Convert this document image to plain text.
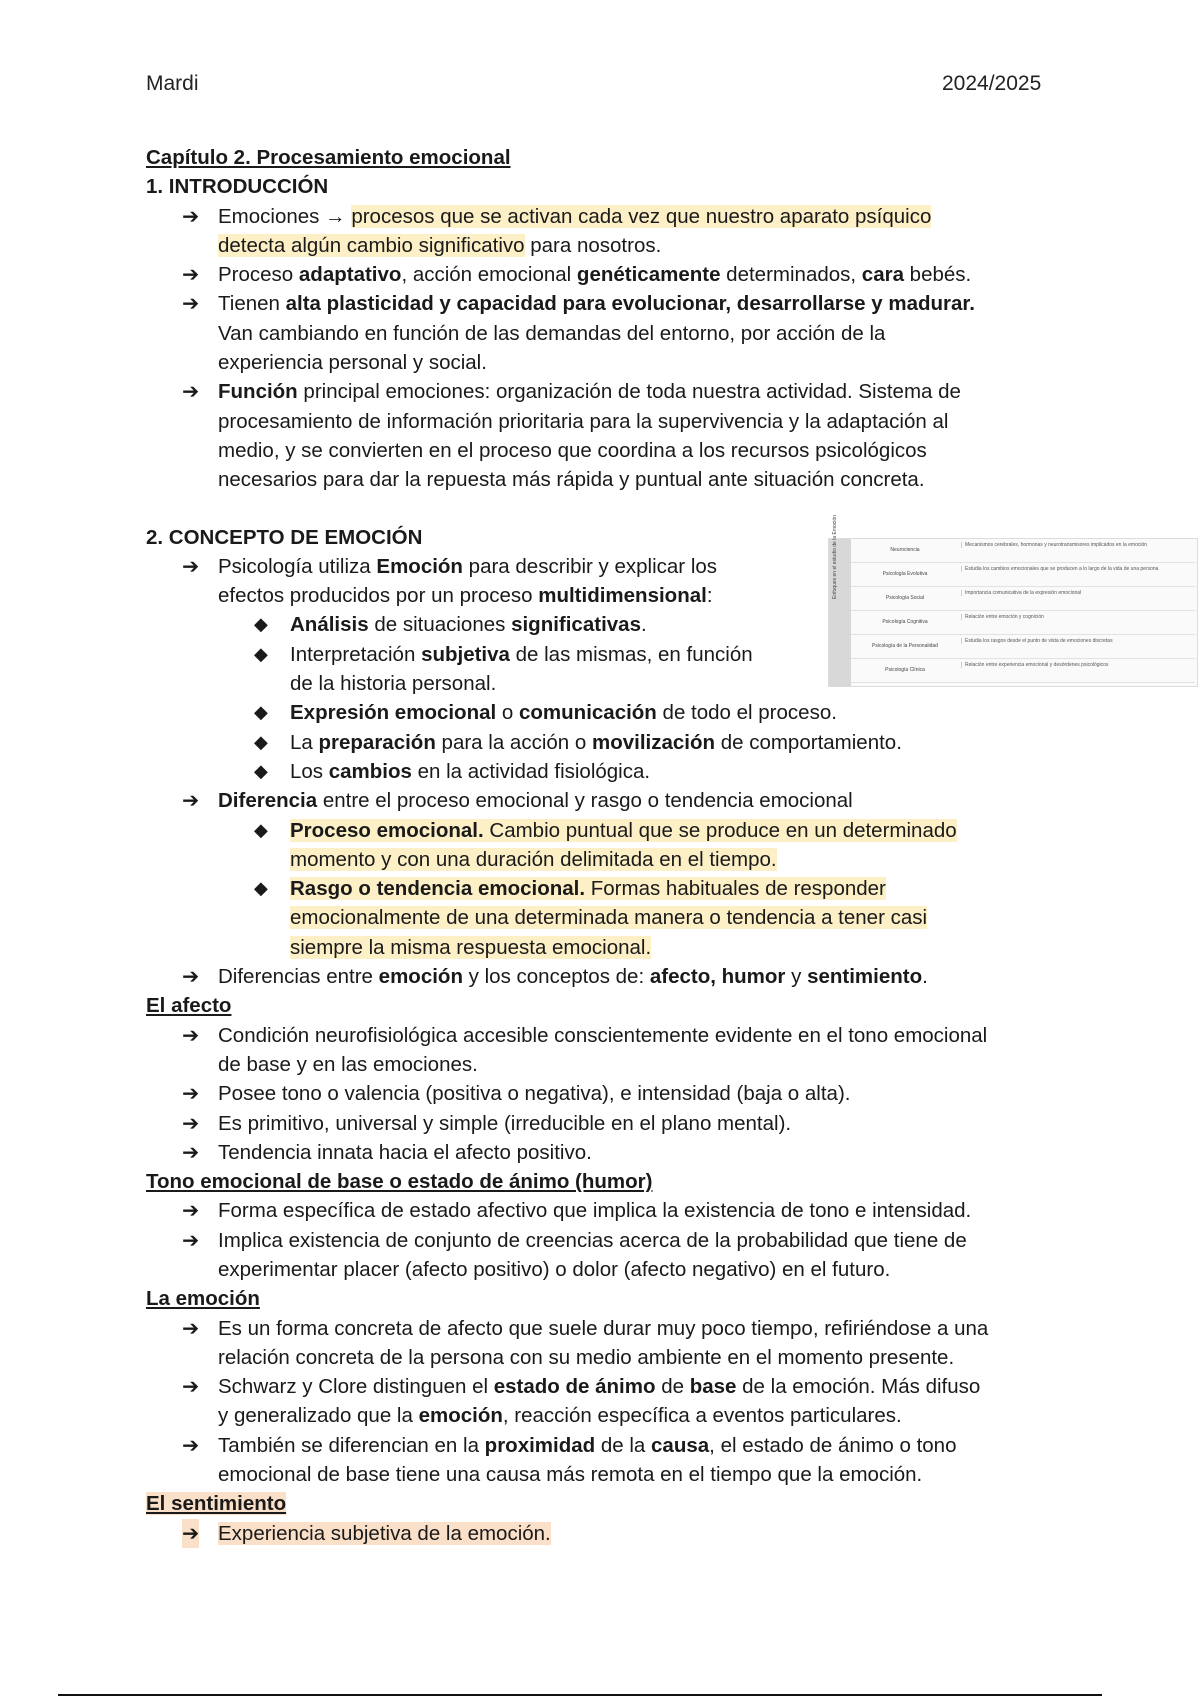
Mardi	2024/2025
Capítulo 2. Procesamiento emocional
1. INTRODUCCIÓN
➔ Emociones → procesos que se activan cada vez que nuestro aparato psíquico
detecta algún cambio significativo para nosotros.
➔ Proceso adaptativo, acción emocional genéticamente determinados, cara bebés.
➔ Tienen alta plasticidad y capacidad para evolucionar, desarrollarse y madurar.
Van cambiando en función de las demandas del entorno, por acción de la
experiencia personal y social.
➔ Función principal emociones: organización de toda nuestra actividad. Sistema de
procesamiento de información prioritaria para la supervivencia y la adaptación al
medio, y se convierten en el proceso que coordina a los recursos psicológicos
necesarios para dar la repuesta más rápida y puntual ante situación concreta.
2. CONCEPTO DE EMOCIÓN
➔ Psicología utiliza Emoción para describir y explicar los
efectos producidos por un proceso multidimensional:
◆ Análisis de situaciones significativas.
◆ Interpretación subjetiva de las mismas, en función
de la historia personal.
◆ Expresión emocional o comunicación de todo el proceso.
◆ La preparación para la acción o movilización de comportamiento.
◆ Los cambios en la actividad fisiológica.
➔ Diferencia entre el proceso emocional y rasgo o tendencia emocional
◆ Proceso emocional. Cambio puntual que se produce en un determinado
momento y con una duración delimitada en el tiempo.
◆ Rasgo o tendencia emocional. Formas habituales de responder
emocionalmente de una determinada manera o tendencia a tener casi
siempre la misma respuesta emocional.
➔ Diferencias entre emoción y los conceptos de: afecto, humor y sentimiento.
El afecto
➔ Condición neurofisiológica accesible conscientemente evidente en el tono emocional
de base y en las emociones.
➔ Posee tono o valencia (positiva o negativa), e intensidad (baja o alta).
➔ Es primitivo, universal y simple (irreducible en el plano mental).
➔ Tendencia innata hacia el afecto positivo.
Tono emocional de base o estado de ánimo (humor)
➔ Forma específica de estado afectivo que implica la existencia de tono e intensidad.
➔ Implica existencia de conjunto de creencias acerca de la probabilidad que tiene de
experimentar placer (afecto positivo) o dolor (afecto negativo) en el futuro.
La emoción
➔ Es un forma concreta de afecto que suele durar muy poco tiempo, refiriéndose a una
relación concreta de la persona con su medio ambiente en el momento presente.
➔ Schwarz y Clore distinguen el estado de ánimo de base de la emoción. Más difuso
y generalizado que la emoción, reacción específica a eventos particulares.
➔ También se diferencian en la proximidad de la causa, el estado de ánimo o tono
emocional de base tiene una causa más remota en el tiempo que la emoción.
El sentimiento
➔ Experiencia subjetiva de la emoción.
Enfoques en el estudio de la Emoción	Neurociencia
Mecanismos cerebrales, hormonas y neurotransmisores implicados en la emoción
Psicología Evolutiva
Estudia los cambios emocionales que se producen a lo largo de la vida de una persona
Psicología Social
Importancia comunicativa de la expresión emocional
Psicología Cognitiva
Relación entre emoción y cognición
Psicología de la Personalidad
Estudia los rasgos desde el punto de vista de emociones discretas
Psicología Clínica
Relación entre experiencia emocional y desórdenes psicológicos
